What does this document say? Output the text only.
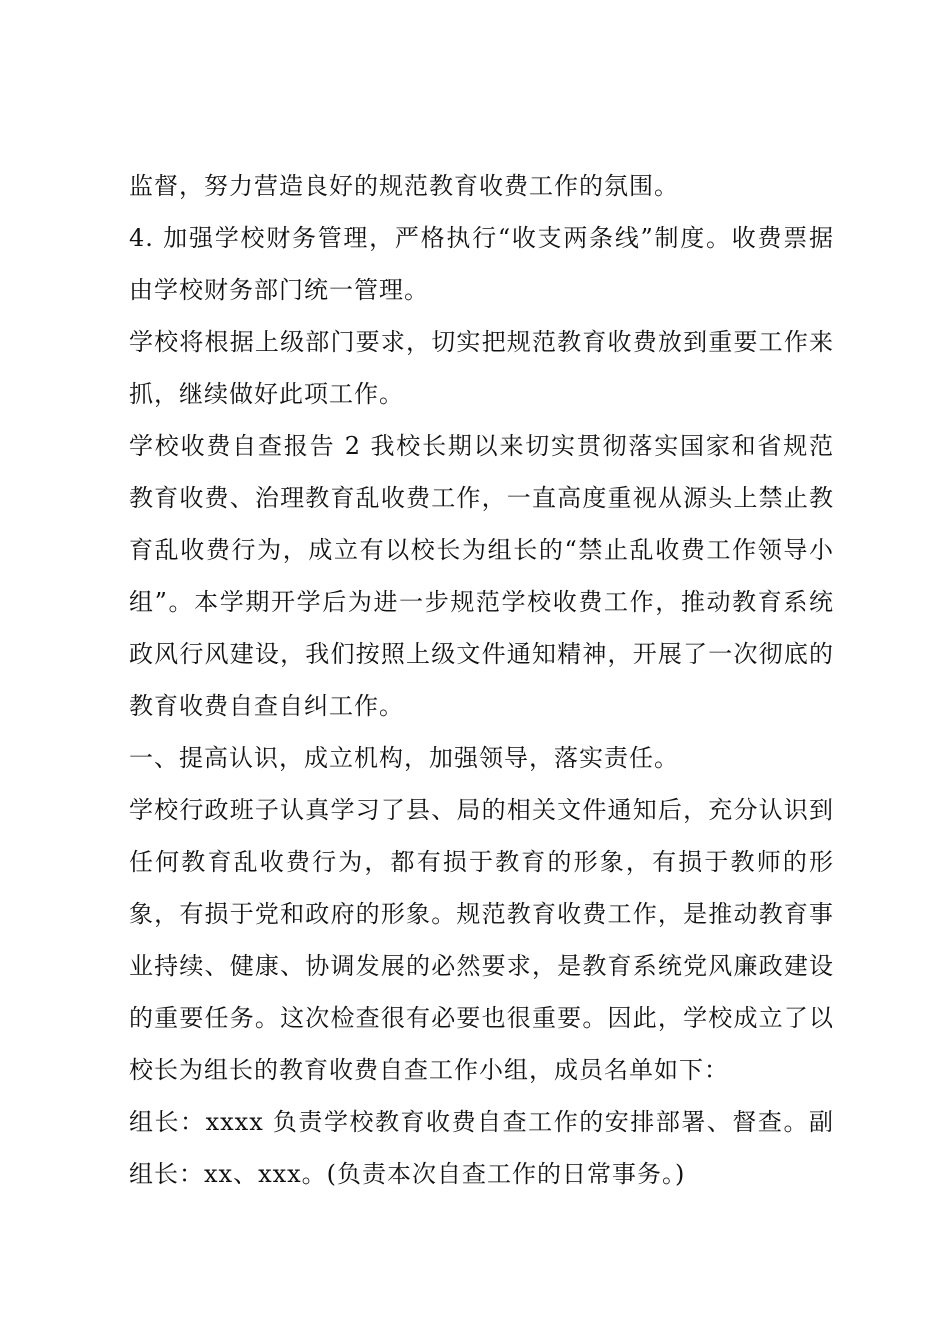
监督，努力营造良好的规范教育收费工作的氛围。

4. 加强学校财务管理，严格执行“收支两条线”制度。收费票据由学校财务部门统一管理。

学校将根据上级部门要求，切实把规范教育收费放到重要工作来抓，继续做好此项工作。

学校收费自查报告 2 我校长期以来切实贯彻落实国家和省规范教育收费、治理教育乱收费工作，一直高度重视从源头上禁止教育乱收费行为，成立有以校长为组长的“禁止乱收费工作领导小组”。本学期开学后为进一步规范学校收费工作，推动教育系统政风行风建设，我们按照上级文件通知精神，开展了一次彻底的教育收费自查自纠工作。

一、提高认识，成立机构，加强领导，落实责任。

学校行政班子认真学习了县、局的相关文件通知后，充分认识到任何教育乱收费行为，都有损于教育的形象，有损于教师的形象，有损于党和政府的形象。规范教育收费工作，是推动教育事业持续、健康、协调发展的必然要求，是教育系统党风廉政建设的重要任务。这次检查很有必要也很重要。因此，学校成立了以校长为组长的教育收费自查工作小组，成员名单如下：

组长：xxxx 负责学校教育收费自查工作的安排部署、督查。副组长：xx、xxx。(负责本次自查工作的日常事务。)
